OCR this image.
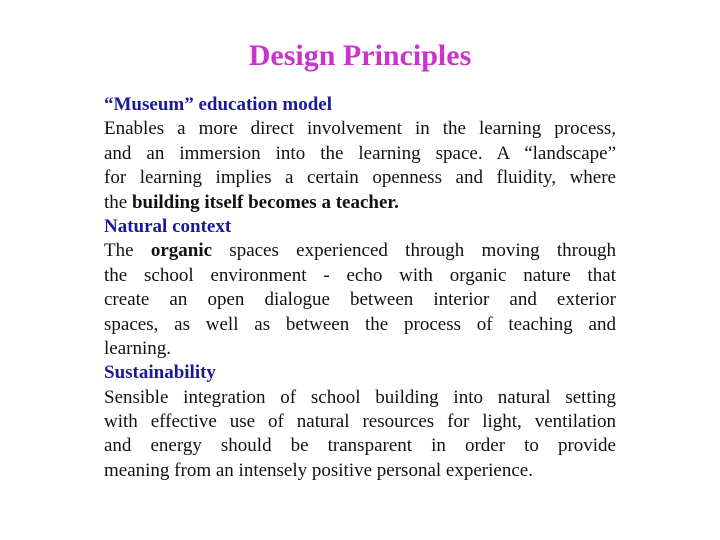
Design Principles
“Museum” education model
Enables a more direct involvement in the learning process,
and an immersion into the learning space. A “landscape”
for learning implies a certain openness and fluidity, where
the building itself becomes a teacher.
Natural context
The organic spaces experienced through moving through
the school environment - echo with organic nature that
create an open dialogue between interior and exterior
spaces, as well as between the process of teaching and
learning.
Sustainability
Sensible integration of school building into natural setting
with effective use of natural resources for light, ventilation
and energy should be transparent in order to provide
meaning from an intensely positive personal experience.
